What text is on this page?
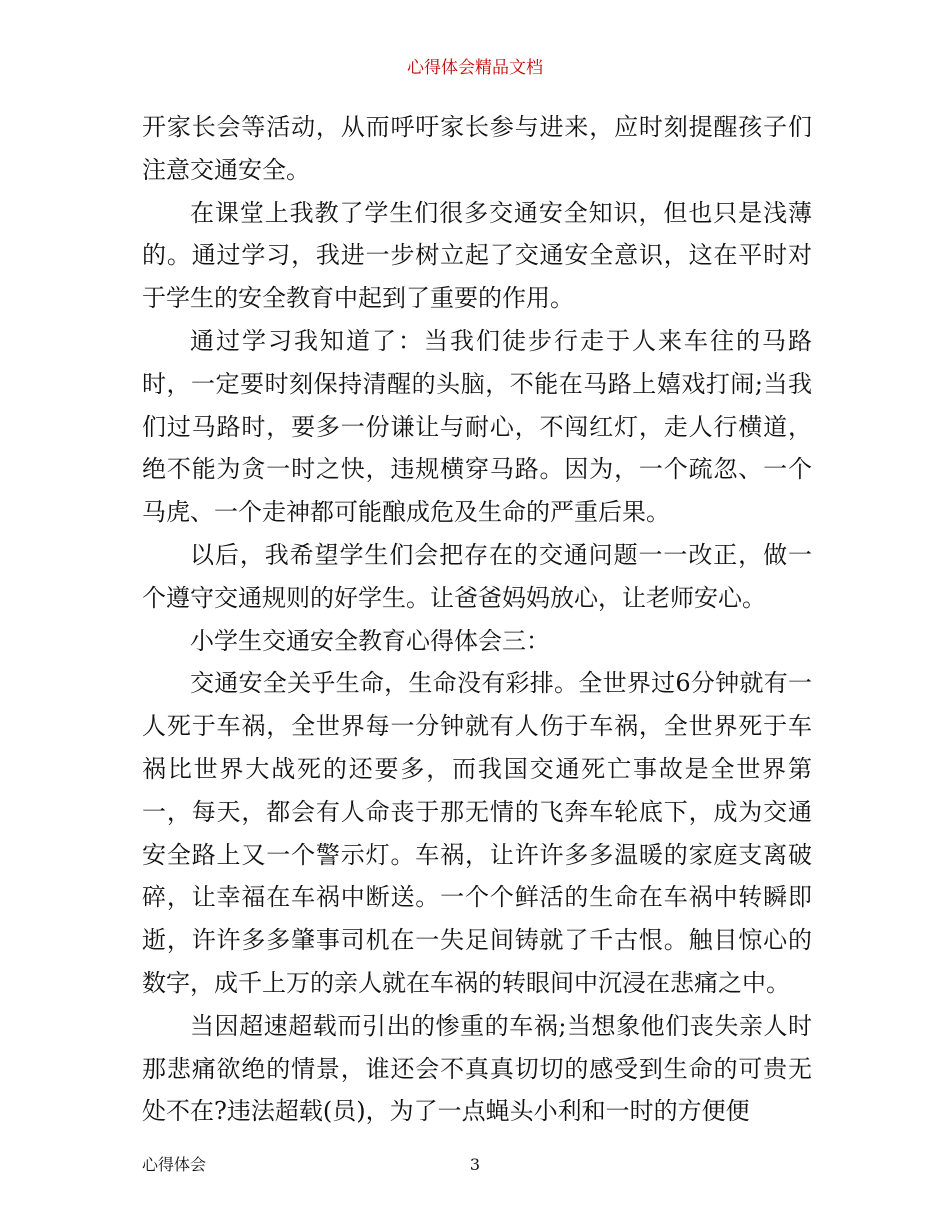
心得体会精品文档

开家长会等活动，从而呼吁家长参与进来，应时刻提醒孩子们注意交通安全。

在课堂上我教了学生们很多交通安全知识，但也只是浅薄的。通过学习，我进一步树立起了交通安全意识，这在平时对于学生的安全教育中起到了重要的作用。

通过学习我知道了：当我们徒步行走于人来车往的马路时，一定要时刻保持清醒的头脑，不能在马路上嬉戏打闹;当我们过马路时，要多一份谦让与耐心，不闯红灯，走人行横道，绝不能为贪一时之快，违规横穿马路。因为，一个疏忽、一个马虎、一个走神都可能酿成危及生命的严重后果。

以后，我希望学生们会把存在的交通问题一一改正，做一个遵守交通规则的好学生。让爸爸妈妈放心，让老师安心。

小学生交通安全教育心得体会三：

交通安全关乎生命，生命没有彩排。全世界过6分钟就有一人死于车祸，全世界每一分钟就有人伤于车祸，全世界死于车祸比世界大战死的还要多，而我国交通死亡事故是全世界第一，每天，都会有人命丧于那无情的飞奔车轮底下，成为交通安全路上又一个警示灯。车祸，让许许多多温暖的家庭支离破碎，让幸福在车祸中断送。一个个鲜活的生命在车祸中转瞬即逝，许许多多肇事司机在一失足间铸就了千古恨。触目惊心的数字，成千上万的亲人就在车祸的转眼间中沉浸在悲痛之中。

当因超速超载而引出的惨重的车祸;当想象他们丧失亲人时那悲痛欲绝的情景，谁还会不真真切切的感受到生命的可贵无处不在?违法超载(员)，为了一点蝇头小利和一时的方便便

心得体会	3
